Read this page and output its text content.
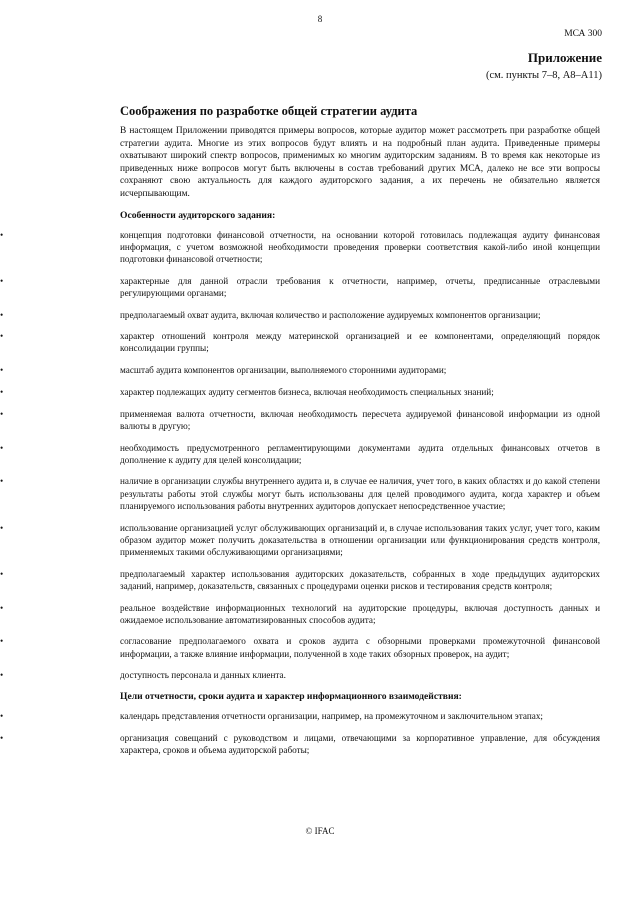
8
МСА 300
Приложение
(см. пункты 7–8, А8–А11)
Соображения по разработке общей стратегии аудита

В настоящем Приложении приводятся примеры вопросов, которые аудитор может рассмотреть при разработке общей стратегии аудита. Многие из этих вопросов будут влиять и на подробный план аудита. Приведенные примеры охватывают широкий спектр вопросов, применимых ко многим аудиторским заданиям. В то время как некоторые из приведенных ниже вопросов могут быть включены в состав требований других МСА, далеко не все эти вопросы сохраняют свою актуальность для каждого аудиторского задания, а их перечень не обязательно является исчерпывающим.

Особенности аудиторского задания:
•	концепция подготовки финансовой отчетности, на основании которой готовилась подлежащая аудиту финансовая информация, с учетом возможной необходимости проведения проверки соответствия какой-либо иной концепции подготовки финансовой отчетности;
•	характерные для данной отрасли требования к отчетности, например, отчеты, предписанные отраслевыми регулирующими органами;
•	предполагаемый охват аудита, включая количество и расположение аудируемых компонентов организации;
•	характер отношений контроля между материнской организацией и ее компонентами, определяющий порядок консолидации группы;
•	масштаб аудита компонентов организации, выполняемого сторонними аудиторами;
•	характер подлежащих аудиту сегментов бизнеса, включая необходимость специальных знаний;
•	применяемая валюта отчетности, включая необходимость пересчета аудируемой финансовой информации из одной валюты в другую;
•	необходимость предусмотренного регламентирующими документами аудита отдельных финансовых отчетов в дополнение к аудиту для целей консолидации;
•	наличие в организации службы внутреннего аудита и, в случае ее наличия, учет того, в каких областях и до какой степени результаты работы этой службы могут быть использованы для целей проводимого аудита, когда характер и объем планируемого использования работы внутренних аудиторов допускает непосредственное участие;
•	использование организацией услуг обслуживающих организаций и, в случае использования таких услуг, учет того, каким образом аудитор может получить доказательства в отношении организации или функционирования средств контроля, применяемых такими обслуживающими организациями;
•	предполагаемый характер использования аудиторских доказательств, собранных в ходе предыдущих аудиторских заданий, например, доказательств, связанных с процедурами оценки рисков и тестирования средств контроля;
•	реальное воздействие информационных технологий на аудиторские процедуры, включая доступность данных и ожидаемое использование автоматизированных способов аудита;
•	согласование предполагаемого охвата и сроков аудита с обзорными проверками промежуточной финансовой информации, а также влияние информации, полученной в ходе таких обзорных проверок, на аудит;
•	доступность персонала и данных клиента.
Цели отчетности, сроки аудита и характер информационного взаимодействия:
•	календарь представления отчетности организации, например, на промежуточном и заключительном этапах;
•	организация совещаний с руководством и лицами, отвечающими за корпоративное управление, для обсуждения характера, сроков и объема аудиторской работы;
© IFAC
